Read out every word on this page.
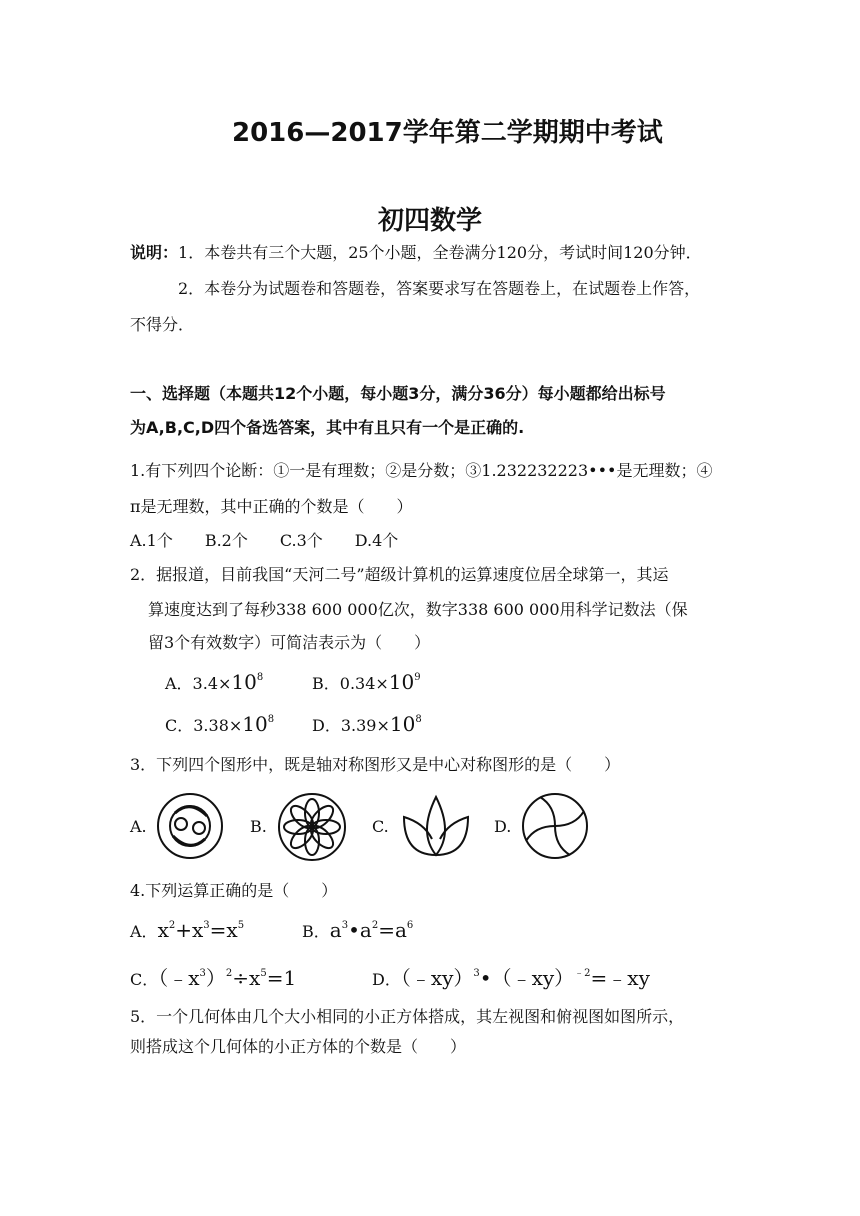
2016—2017学年第二学期期中考试
初四数学
说明：1．本卷共有三个大题，25个小题，全卷满分120分，考试时间120分钟．
2．本卷分为试题卷和答题卷，答案要求写在答题卷上，在试题卷上作答，
不得分．
一、选择题（本题共12个小题，每小题3分，满分36分）每小题都给出标号
为A,B,C,D四个备选答案，其中有且只有一个是正确的.
1.有下列四个论断：①一是有理数；②是分数；③1.232232223•••是无理数；④
π是无理数，其中正确的个数是（　　）
A.1个　　B.2个　　C.3个　　D.4个
2．据报道，目前我国“天河二号”超级计算机的运算速度位居全球第一，其运
算速度达到了每秒338 600 000亿次，数字338 600 000用科学记数法（保
留3个有效数字）可简洁表示为（　　）
A．$3.4\times 10^8$	B．$0.34\times 10^9$
C．$3.38\times 10^8$ D．$3.39\times 10^8$
3．下列四个图形中，既是轴对称图形又是中心对称图形的是（　　）
A.	B.	C.	D.
4.下列运算正确的是（　　）
A．$x^2+x^3=x^5$	B．$a^3•a^2=a^6$
C．$(﹣x^3)^2\div x^5=1$	D．（﹣xy）$^3$•（﹣xy）$^{﹣2}$=﹣xy
5．一个几何体由几个大小相同的小正方体搭成，其左视图和俯视图如图所示，
则搭成这个几何体的小正方体的个数是（　　）
